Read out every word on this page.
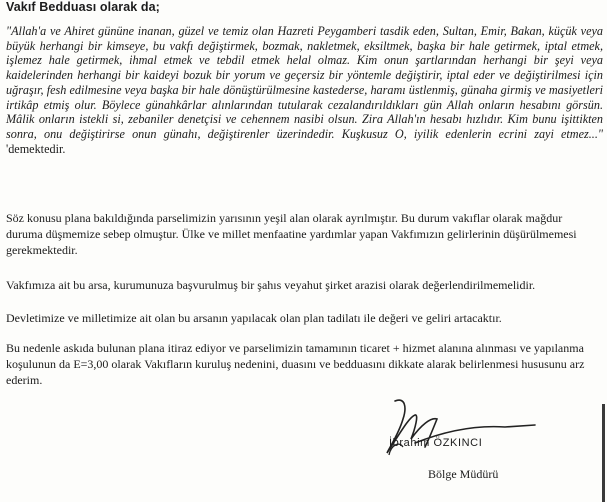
Vakıf Bedduası olarak da;

"Allah'a ve Ahiret gününe inanan, güzel ve temiz olan Hazreti Peygamberi tasdik eden, Sultan, Emir, Bakan, küçük veya büyük herhangi bir kimseye, bu vakfı değiştirmek, bozmak, nakletmek, eksiltmek, başka bir hale getirmek, iptal etmek, işlemez hale getirmek, ihmal etmek ve tebdil etmek helal olmaz. Kim onun şartlarından herhangi bir şeyi veya kaidelerinden herhangi bir kaideyi bozuk bir yorum ve geçersiz bir yöntemle değiştirir, iptal eder ve değiştirilmesi için uğraşır, fesh edilmesine veya başka bir hale dönüştürülmesine kastederse, haramı üstlenmiş, günaha girmiş ve masiyetleri irtikâp etmiş olur. Böylece günahkârlar alınlarından tutularak cezalandırıldıkları gün Allah onların hesabını görsün. Mâlik onların istekli si, zebaniler denetçisi ve cehennem nasibi olsun. Zira Allah'ın hesabı hızlıdır. Kim bunu işittikten sonra, onu değiştirirse onun günahı, değiştirenler üzerindedir. Kuşkusuz O, iyilik edenlerin ecrini zayi etmez..." 'demektedir.

Söz konusu plana bakıldığında parselimizin yarısının yeşil alan olarak ayrılmıştır. Bu durum vakıflar olarak mağdur duruma düşmemize sebep olmuştur. Ülke ve millet menfaatine yardımlar yapan Vakfımızın gelirlerinin düşürülmemesi gerekmektedir.

Vakfımıza ait bu arsa, kurumunuza başvurulmuş bir şahıs veyahut şirket arazisi olarak değerlendirilmemelidir.

Devletimize ve milletimize ait olan bu arsanın yapılacak olan plan tadilatı ile değeri ve geliri artacaktır.

Bu nedenle askıda bulunan plana itiraz ediyor ve parselimizin tamamının ticaret + hizmet alanına alınması ve yapılanma koşulunun da E=3,00 olarak Vakıfların kuruluş nedenini, duasını ve bedduasını dikkate alarak belirlenmesi hususunu arz ederim.

İbrahim ÖZKINCI
Bölge Müdürü
